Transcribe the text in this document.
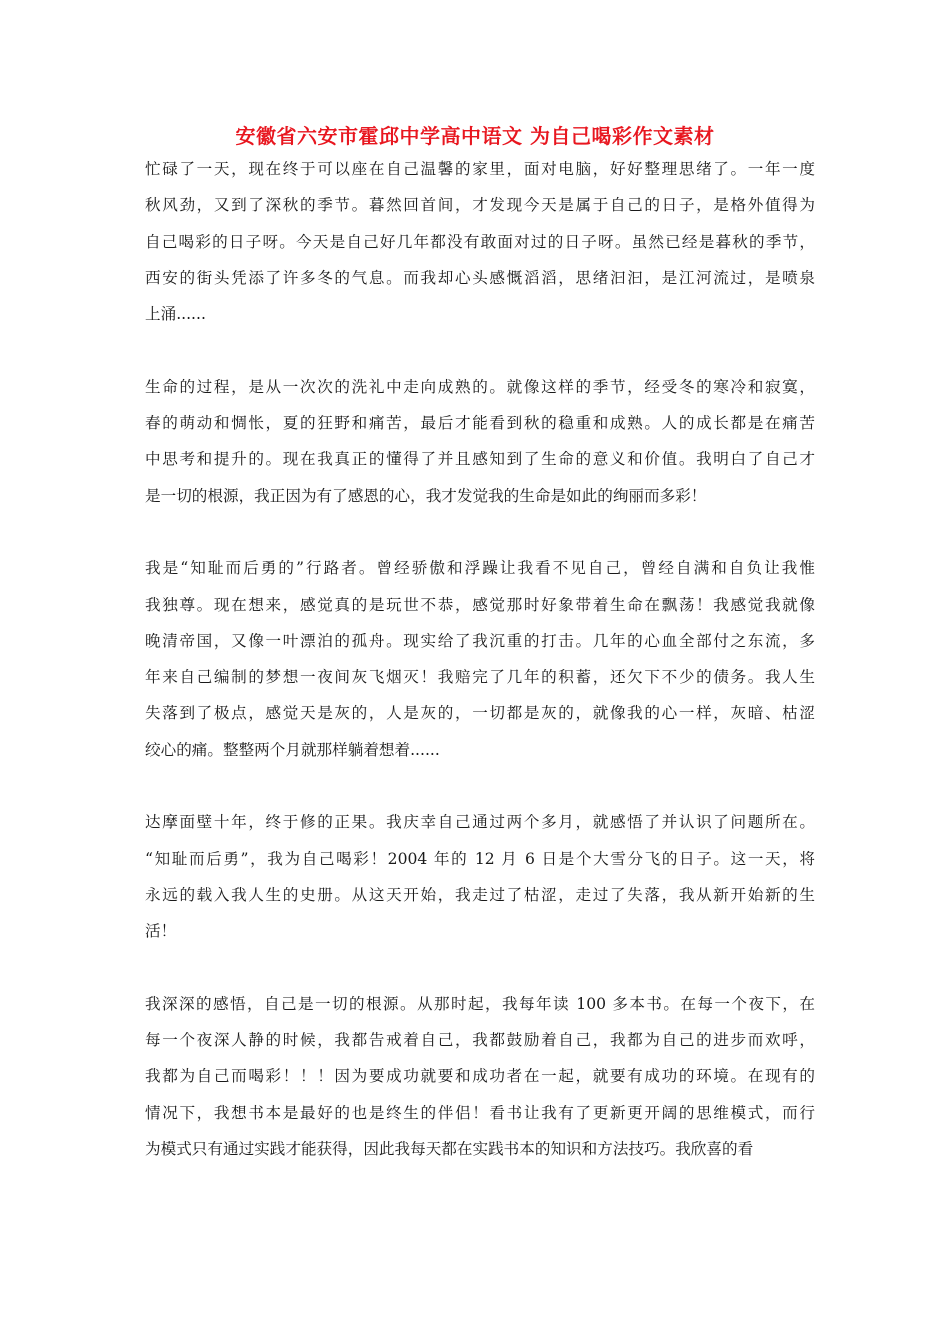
安徽省六安市霍邱中学高中语文 为自己喝彩作文素材
忙碌了一天，现在终于可以座在自己温馨的家里，面对电脑，好好整理思绪了。一年一度
秋风劲，又到了深秋的季节。暮然回首间，才发现今天是属于自己的日子，是格外值得为
自己喝彩的日子呀。今天是自己好几年都没有敢面对过的日子呀。虽然已经是暮秋的季节，
西安的街头凭添了许多冬的气息。而我却心头感慨滔滔，思绪汩汩，是江河流过，是喷泉
上涌......
生命的过程，是从一次次的洗礼中走向成熟的。就像这样的季节，经受冬的寒冷和寂寞，
春的萌动和惆怅，夏的狂野和痛苦，最后才能看到秋的稳重和成熟。人的成长都是在痛苦
中思考和提升的。现在我真正的懂得了并且感知到了生命的意义和价值。我明白了自己才
是一切的根源，我正因为有了感恩的心，我才发觉我的生命是如此的绚丽而多彩！
我是“知耻而后勇的”行路者。曾经骄傲和浮躁让我看不见自己，曾经自满和自负让我惟
我独尊。现在想来，感觉真的是玩世不恭，感觉那时好象带着生命在飘荡！我感觉我就像
晚清帝国，又像一叶漂泊的孤舟。现实给了我沉重的打击。几年的心血全部付之东流，多
年来自己编制的梦想一夜间灰飞烟灭！我赔完了几年的积蓄，还欠下不少的债务。我人生
失落到了极点，感觉天是灰的，人是灰的，一切都是灰的，就像我的心一样，灰暗、枯涩
绞心的痛。整整两个月就那样躺着想着......
达摩面壁十年，终于修的正果。我庆幸自己通过两个多月，就感悟了并认识了问题所在。
“知耻而后勇”，我为自己喝彩！2004 年的 12 月 6 日是个大雪分飞的日子。这一天，将
永远的载入我人生的史册。从这天开始，我走过了枯涩，走过了失落，我从新开始新的生
活！
我深深的感悟，自己是一切的根源。从那时起，我每年读 100 多本书。在每一个夜下，在
每一个夜深人静的时候，我都告戒着自己，我都鼓励着自己，我都为自己的进步而欢呼，
我都为自己而喝彩！！！因为要成功就要和成功者在一起，就要有成功的环境。在现有的
情况下，我想书本是最好的也是终生的伴侣！看书让我有了更新更开阔的思维模式，而行
为模式只有通过实践才能获得，因此我每天都在实践书本的知识和方法技巧。我欣喜的看
